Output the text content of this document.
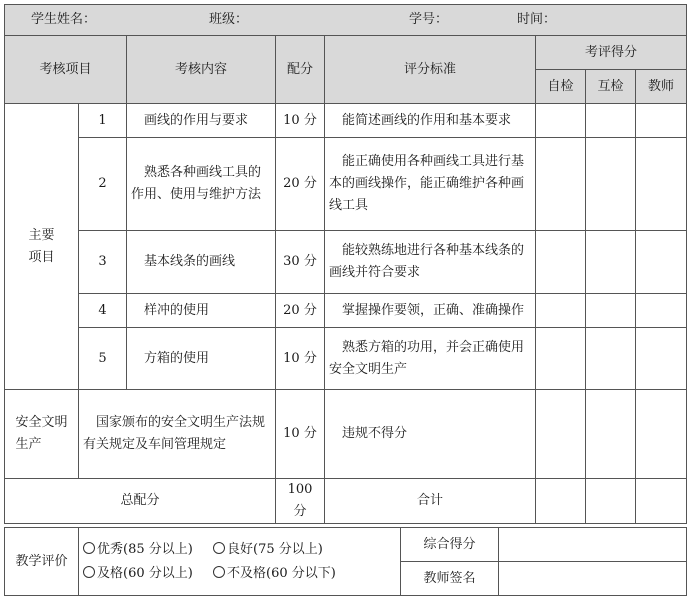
学生姓名： 班级： 学号： 时间：							
考核项目		考核内容	配分	评分标准	考评得分		
					自检	互检	教师

主要项目	1	画线的作用与要求	10 分	能简述画线的作用和基本要求			
	2	熟悉各种画线工具的作用、使用与维护方法	20 分	能正确使用各种画线工具进行基本的画线操作，能正确维护各种画线工具			
	3	基本线条的画线	30 分	能较熟练地进行各种基本线条的画线并符合要求			
	4	样冲的使用	20 分	掌握操作要领，正确、准确操作			
	5	方箱的使用	10 分	熟悉方箱的功用，并会正确使用安全文明生产			

安全文明生产	国家颁布的安全文明生产法规有关规定及车间管理规定		10 分	违规不得分			
总配分			100 分	合计			
教学评价	优秀(85 分以上) 良好(75 分以上)
及格(60 分以上) 不及格(60 分以下)	综合得分	
		教师签名	
